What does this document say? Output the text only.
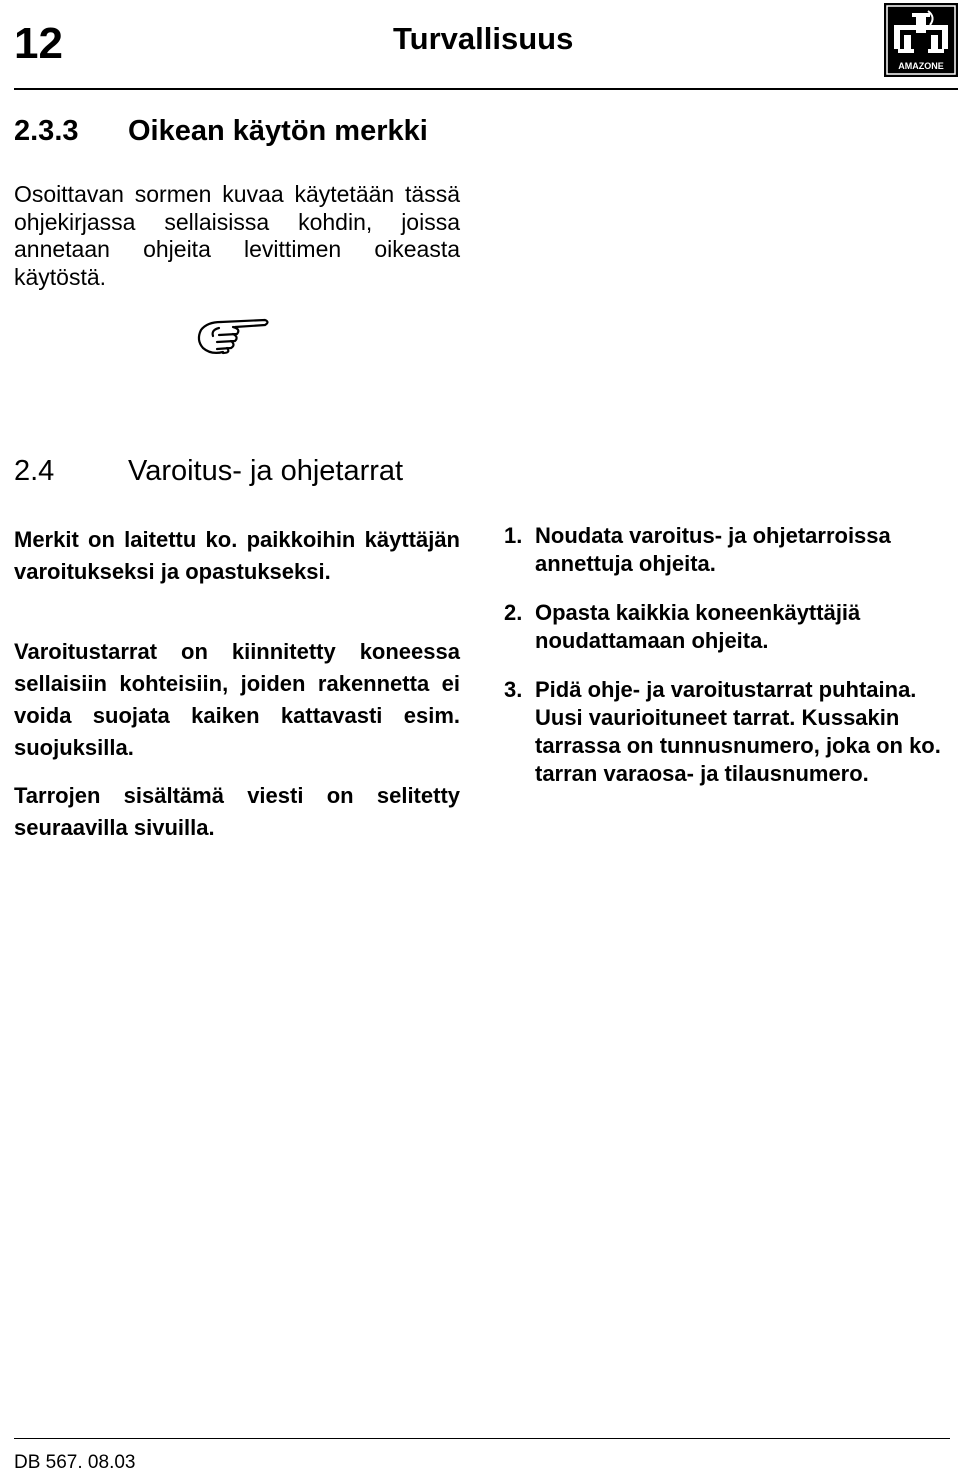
12	Turvallisuus
AMAZONE
2.3.3 Oikean käytön merkki
Osoittavan sormen kuvaa käytetään tässä ohjekirjassa sellaisissa kohdin, joissa annetaan ohjeita levittimen oikeasta käytöstä.
2.4	Varoitus- ja ohjetarrat
Merkit on laitettu ko. paikkoihin käyttäjän varoitukseksi ja opastukseksi.
Varoitustarrat on kiinnitetty koneessa sellaisiin kohteisiin, joiden rakennetta ei voida suojata kaiken kattavasti esim. suojuksilla.
Tarrojen sisältämä viesti on selitetty seuraavilla sivuilla.
1. Noudata varoitus- ja ohjetarroissa annettuja ohjeita.
2. Opasta kaikkia koneenkäyttäjiä noudattamaan ohjeita.
3. Pidä ohje- ja varoitustarrat puhtaina. Uusi vaurioituneet tarrat. Kussakin tarrassa on tunnusnumero, joka on ko. tarran varaosa- ja tilausnumero.
DB 567. 08.03
